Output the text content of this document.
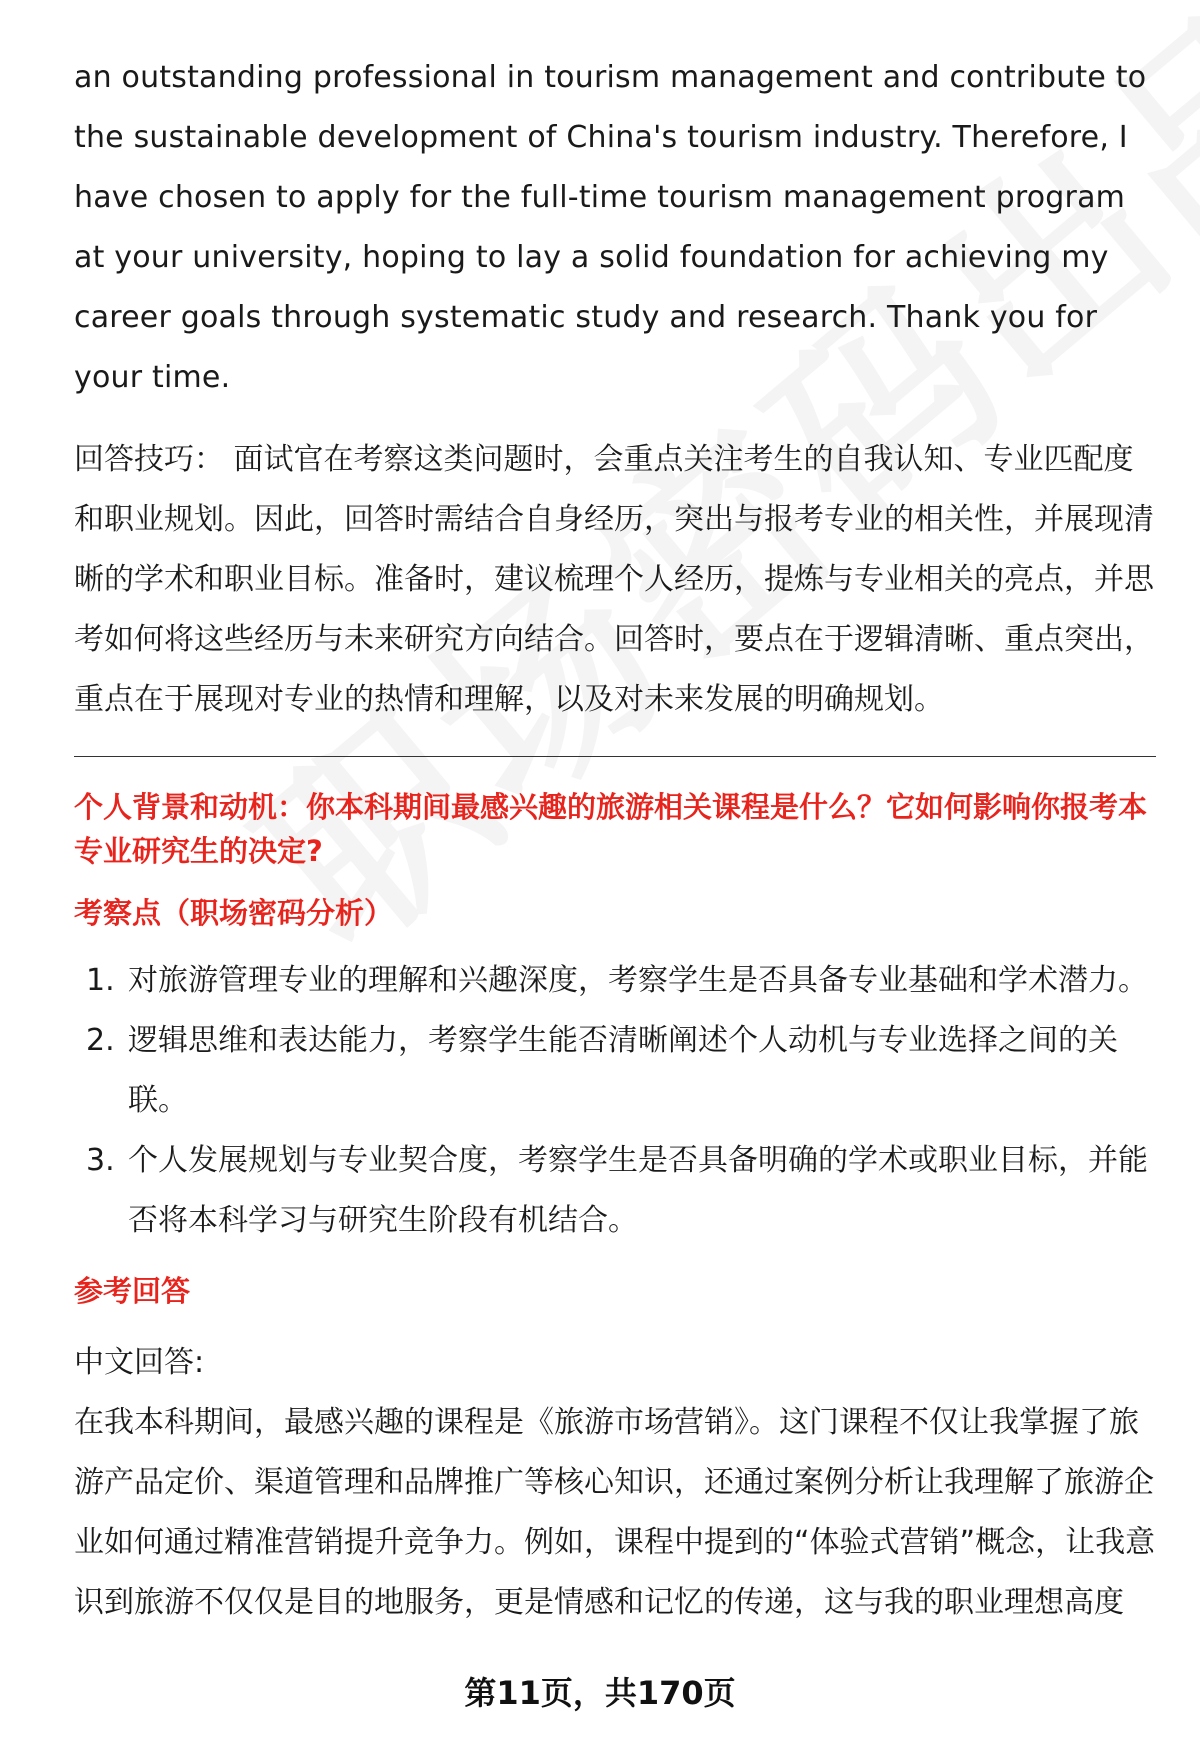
an outstanding professional in tourism management and contribute to the sustainable development of China's tourism industry. Therefore, I have chosen to apply for the full-time tourism management program at your university, hoping to lay a solid foundation for achieving my career goals through systematic study and research. Thank you for your time.

回答技巧： 面试官在考察这类问题时，会重点关注考生的自我认知、专业匹配度和职业规划。因此，回答时需结合自身经历，突出与报考专业的相关性，并展现清晰的学术和职业目标。准备时，建议梳理个人经历，提炼与专业相关的亮点，并思考如何将这些经历与未来研究方向结合。回答时，要点在于逻辑清晰、重点突出，重点在于展现对专业的热情和理解，以及对未来发展的明确规划。

个人背景和动机：你本科期间最感兴趣的旅游相关课程是什么？它如何影响你报考本专业研究生的决定?

考察点（职场密码分析）

1. 对旅游管理专业的理解和兴趣深度，考察学生是否具备专业基础和学术潜力。
2. 逻辑思维和表达能力，考察学生能否清晰阐述个人动机与专业选择之间的关联。
3. 个人发展规划与专业契合度，考察学生是否具备明确的学术或职业目标，并能否将本科学习与研究生阶段有机结合。

参考回答

中文回答:

在我本科期间，最感兴趣的课程是《旅游市场营销》。这门课程不仅让我掌握了旅游产品定价、渠道管理和品牌推广等核心知识，还通过案例分析让我理解了旅游企业如何通过精准营销提升竞争力。例如，课程中提到的“体验式营销”概念，让我意识到旅游不仅仅是目的地服务，更是情感和记忆的传递，这与我的职业理想高度

第11页，共170页
